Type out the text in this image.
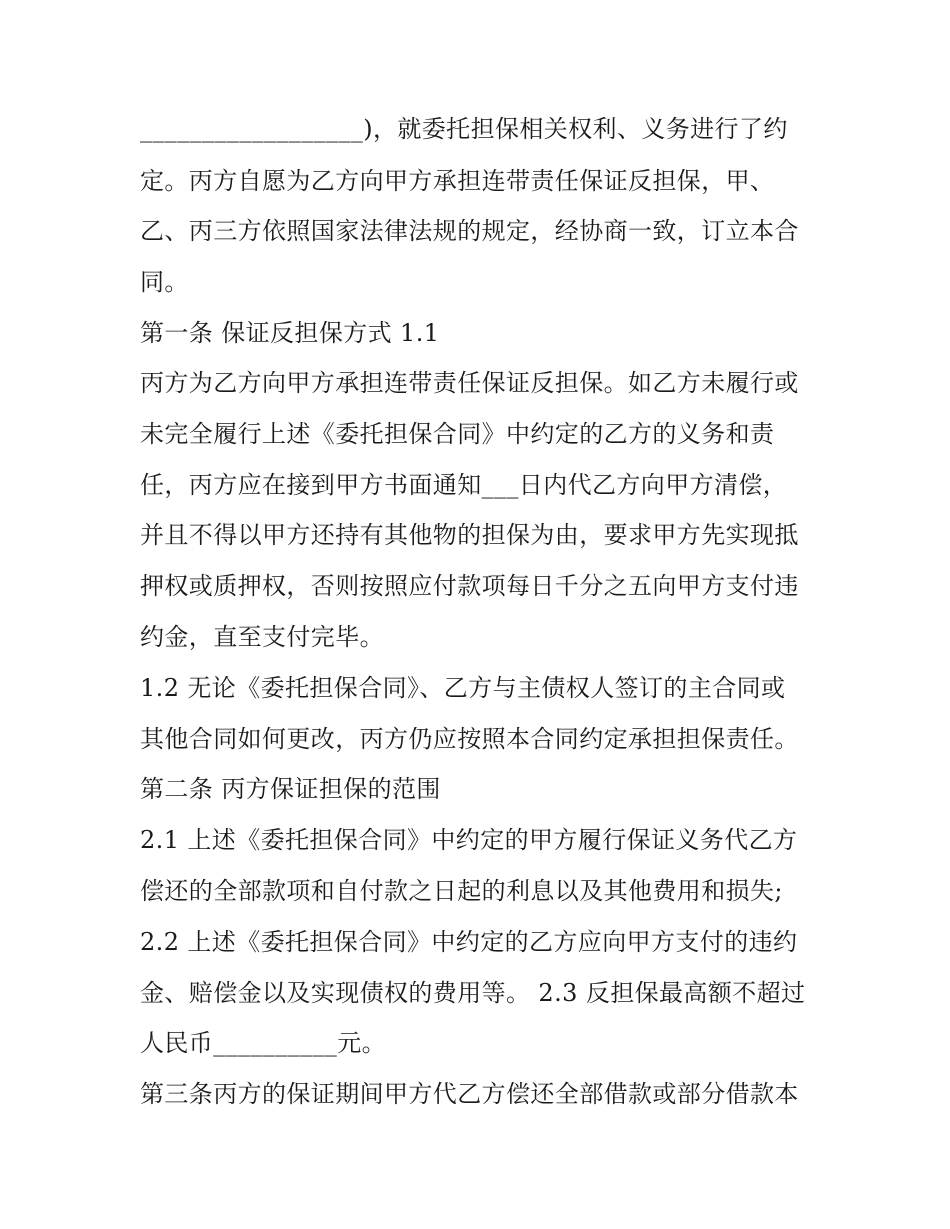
__________________)，就委托担保相关权利、义务进行了约
定。丙方自愿为乙方向甲方承担连带责任保证反担保，甲、
乙、丙三方依照国家法律法规的规定，经协商一致，订立本合
同。
第一条 保证反担保方式 1.1
丙方为乙方向甲方承担连带责任保证反担保。如乙方未履行或
未完全履行上述《委托担保合同》中约定的乙方的义务和责
任，丙方应在接到甲方书面通知___日内代乙方向甲方清偿，
并且不得以甲方还持有其他物的担保为由，要求甲方先实现抵
押权或质押权，否则按照应付款项每日千分之五向甲方支付违
约金，直至支付完毕。
1.2 无论《委托担保合同》、乙方与主债权人签订的主合同或
其他合同如何更改，丙方仍应按照本合同约定承担担保责任。
第二条 丙方保证担保的范围
2.1 上述《委托担保合同》中约定的甲方履行保证义务代乙方
偿还的全部款项和自付款之日起的利息以及其他费用和损失;
2.2 上述《委托担保合同》中约定的乙方应向甲方支付的违约
金、赔偿金以及实现债权的费用等。 2.3 反担保最高额不超过
人民币__________元。
第三条丙方的保证期间甲方代乙方偿还全部借款或部分借款本
